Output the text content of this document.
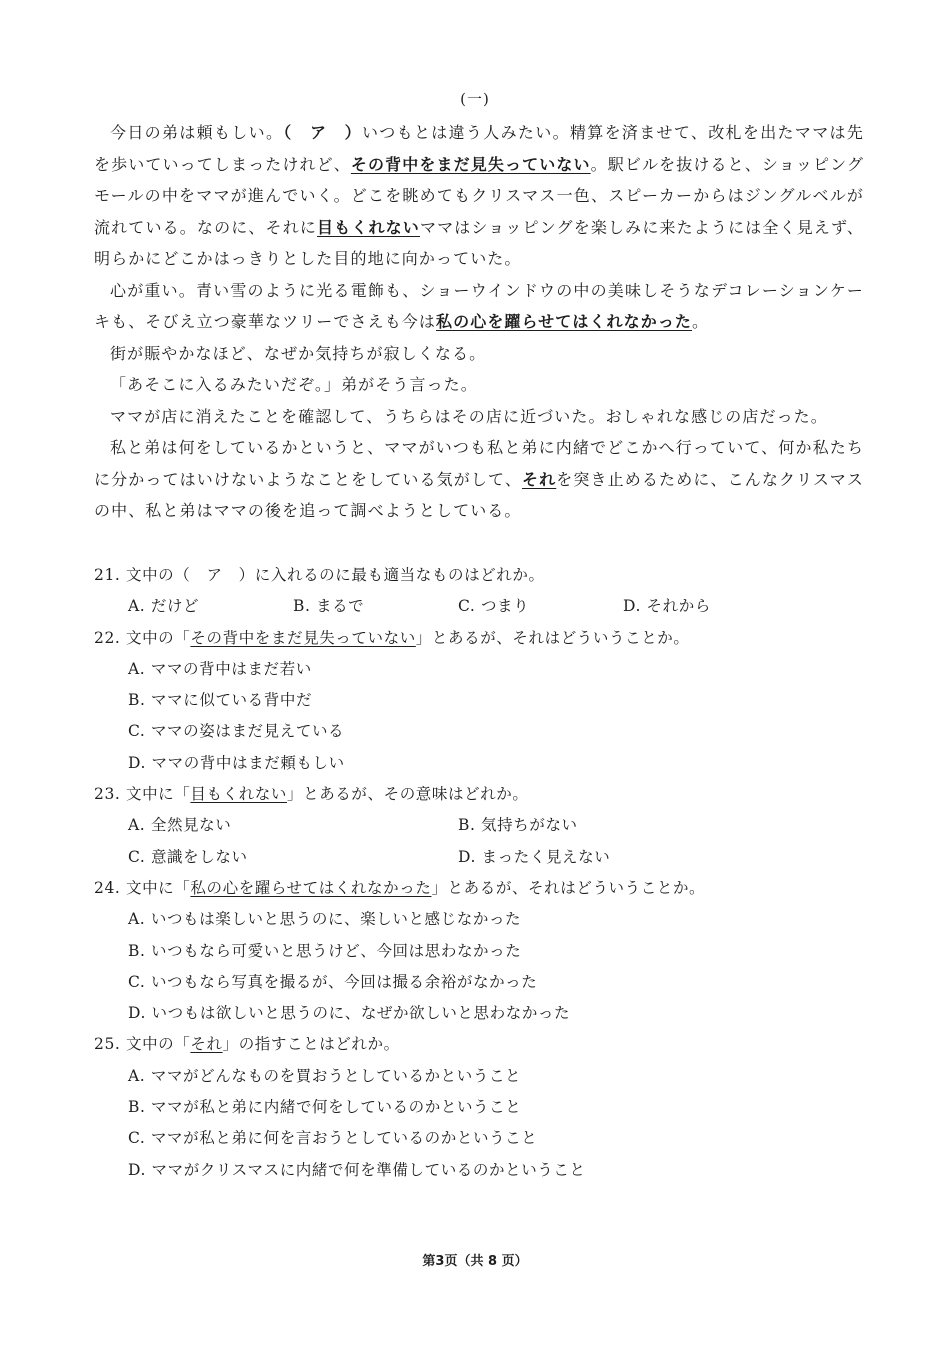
(一)

今日の弟は頼もしい。（　ア　）いつもとは違う人みたい。精算を済ませて、改札を出たママは先を歩いていってしまったけれど、その背中をまだ見失っていない。駅ビルを抜けると、ショッピングモールの中をママが進んでいく。どこを眺めてもクリスマス一色、スピーカーからはジングルベルが流れている。なのに、それに目もくれないママはショッピングを楽しみに来たようには全く見えず、明らかにどこかはっきりとした目的地に向かっていた。

心が重い。青い雪のように光る電飾も、ショーウインドウの中の美味しそうなデコレーションケーキも、そびえ立つ豪華なツリーでさえも今は私の心を躍らせてはくれなかった。

街が賑やかなほど、なぜか気持ちが寂しくなる。

「あそこに入るみたいだぞ。」弟がそう言った。

ママが店に消えたことを確認して、うちらはその店に近づいた。おしゃれな感じの店だった。

私と弟は何をしているかというと、ママがいつも私と弟に内緒でどこかへ行っていて、何か私たちに分かってはいけないようなことをしている気がして、それを突き止めるために、こんなクリスマスの中、私と弟はママの後を追って調べようとしている。

21. 文中の（　ア　）に入れるのに最も適当なものはどれか。
A. だけど	B. まるで	C. つまり	D. それから
22. 文中の「その背中をまだ見失っていない」とあるが、それはどういうことか。
A. ママの背中はまだ若い
B. ママに似ている背中だ
C. ママの姿はまだ見えている
D. ママの背中はまだ頼もしい
23. 文中に「目もくれない」とあるが、その意味はどれか。
A. 全然見ない	B. 気持ちがない
C. 意識をしない	D. まったく見えない
24. 文中に「私の心を躍らせてはくれなかった」とあるが、それはどういうことか。
A. いつもは楽しいと思うのに、楽しいと感じなかった
B. いつもなら可愛いと思うけど、今回は思わなかった
C. いつもなら写真を撮るが、今回は撮る余裕がなかった
D. いつもは欲しいと思うのに、なぜか欲しいと思わなかった
25. 文中の「それ」の指すことはどれか。
A. ママがどんなものを買おうとしているかということ
B. ママが私と弟に内緒で何をしているのかということ
C. ママが私と弟に何を言おうとしているのかということ
D. ママがクリスマスに内緒で何を準備しているのかということ
第3页（共 8 页）
